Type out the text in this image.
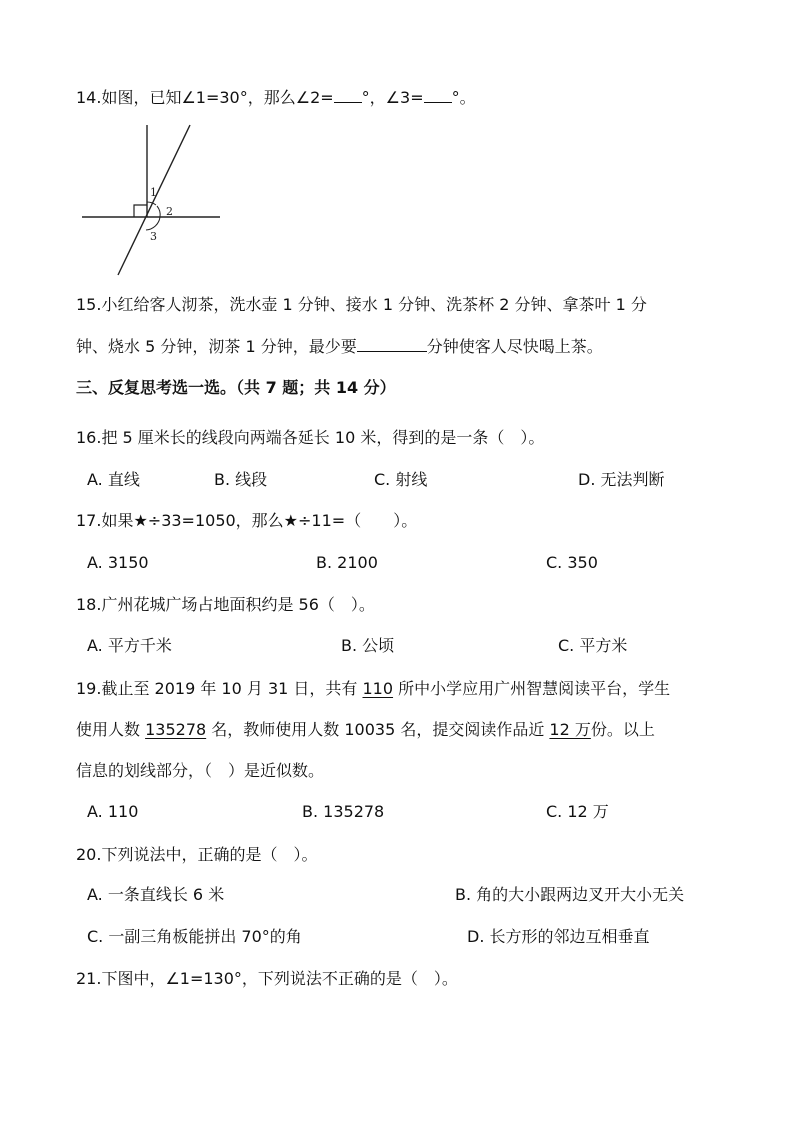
14.如图，已知∠1=30°，那么∠2= °，∠3= °。
1
2
3
15.小红给客人沏茶，洗水壶 1 分钟、接水 1 分钟、洗茶杯 2 分钟、拿茶叶 1 分
钟、烧水 5 分钟，沏茶 1 分钟，最少要	分钟使客人尽快喝上茶。
三、反复思考选一选。（共 7 题；共 14 分）
16.把 5 厘米长的线段向两端各延长 10 米，得到的是一条（　）。
A. 直线	B. 线段	C. 射线	D. 无法判断
17.如果★÷33=1050，那么★÷11=（　　）。
A. 3150	B. 2100	C. 350
18.广州花城广场占地面积约是 56（　）。
A. 平方千米	B. 公顷	C. 平方米
19.截止至 2019 年 10 月 31 日，共有 110 所中小学应用广州智慧阅读平台，学生
使用人数 135278 名，教师使用人数 10035 名，提交阅读作品近 12 万份。以上
信息的划线部分，（　）是近似数。
A. 110	B. 135278	C. 12 万
20.下列说法中，正确的是（　）。
A. 一条直线长 6 米	B. 角的大小跟两边叉开大小无关
C. 一副三角板能拼出 70°的角	D. 长方形的邻边互相垂直
21.下图中，∠1=130°，下列说法不正确的是（　）。
